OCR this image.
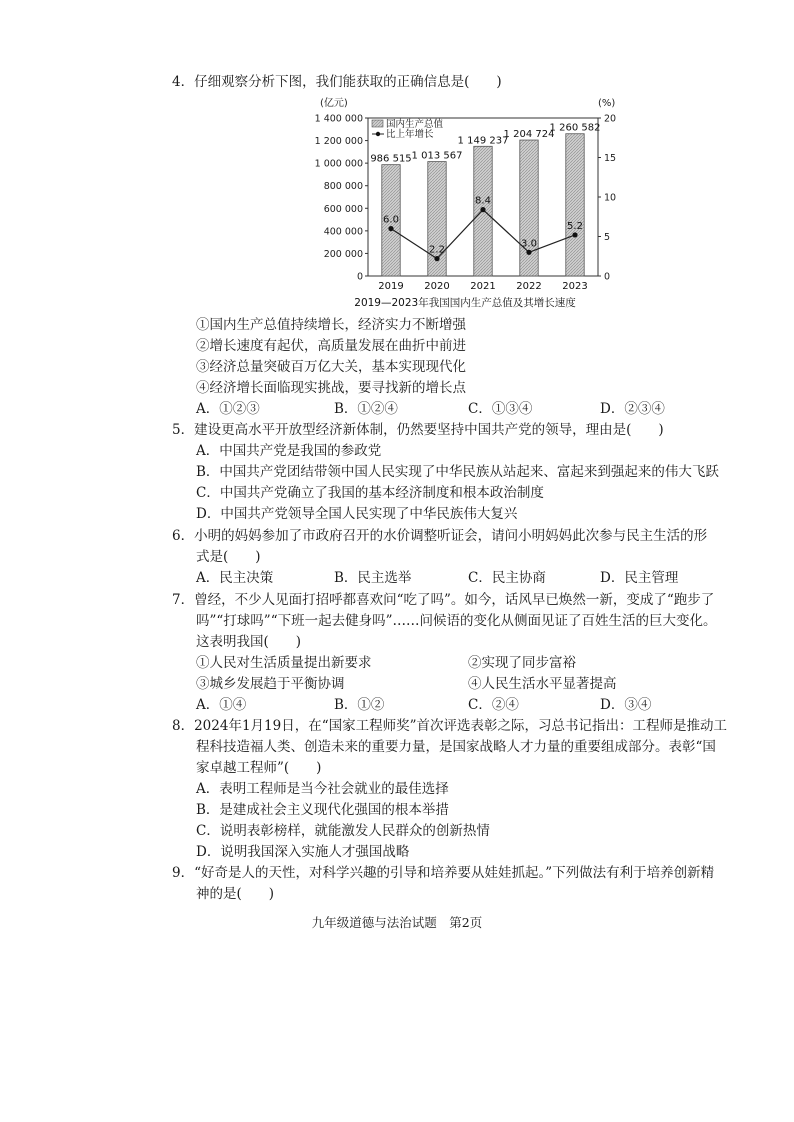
4．仔细观察分析下图，我们能获取的正确信息是(　　)
(亿元)	(%)
0
200 000
400 000
600 000
800 000
1 000 000
1 200 000
1 400 000
0
5
10
15
20
986 515
2019
1 013 567
2020
1 149 237
2021
1 204 724
2022
1 260 582
2023
6.0
2.2
8.4
3.0
5.2
国内生产总值
比上年增长
2019—2023年我国国内生产总值及其增长速度
①国内生产总值持续增长，经济实力不断增强
②增长速度有起伏，高质量发展在曲折中前进
③经济总量突破百万亿大关，基本实现现代化
④经济增长面临现实挑战，要寻找新的增长点
A．①②③	B．①②④	C．①③④	D．②③④
5．建设更高水平开放型经济新体制，仍然要坚持中国共产党的领导，理由是(　　)
A．中国共产党是我国的参政党
B．中国共产党团结带领中国人民实现了中华民族从站起来、富起来到强起来的伟大飞跃
C．中国共产党确立了我国的基本经济制度和根本政治制度
D．中国共产党领导全国人民实现了中华民族伟大复兴
6．小明的妈妈参加了市政府召开的水价调整听证会，请问小明妈妈此次参与民主生活的形
式是(　　)
A．民主决策	B．民主选举	C．民主协商	D．民主管理
7．曾经，不少人见面打招呼都喜欢问“吃了吗”。如今，话风早已焕然一新，变成了“跑步了
吗”“打球吗”“下班一起去健身吗”……问候语的变化从侧面见证了百姓生活的巨大变化。
这表明我国(　　)
①人民对生活质量提出新要求	②实现了同步富裕
③城乡发展趋于平衡协调	④人民生活水平显著提高
A．①④	B．①②	C．②④	D．③④
8．2024年1月19日，在“国家工程师奖”首次评选表彰之际，习总书记指出：工程师是推动工
程科技造福人类、创造未来的重要力量，是国家战略人才力量的重要组成部分。表彰“国
家卓越工程师”(　　)
A．表明工程师是当今社会就业的最佳选择
B．是建成社会主义现代化强国的根本举措
C．说明表彰榜样，就能激发人民群众的创新热情
D．说明我国深入实施人才强国战略
9．“好奇是人的天性，对科学兴趣的引导和培养要从娃娃抓起。”下列做法有利于培养创新精
神的是(　　)
九年级道德与法治试题　第2页
